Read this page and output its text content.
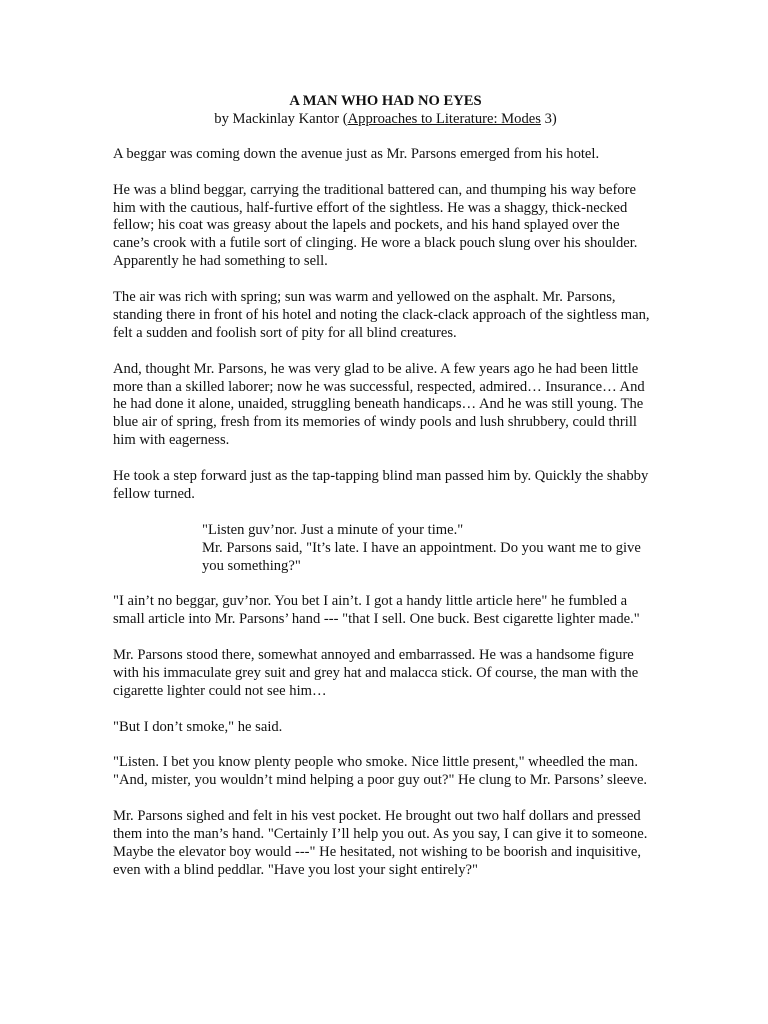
A MAN WHO HAD NO EYES
by Mackinlay Kantor (Approaches to Literature: Modes 3)

A beggar was coming down the avenue just as Mr. Parsons emerged from his hotel.

He was a blind beggar, carrying the traditional battered can, and thumping his way before him with the cautious, half-furtive effort of the sightless. He was a shaggy, thick-necked fellow; his coat was greasy about the lapels and pockets, and his hand splayed over the cane’s crook with a futile sort of clinging. He wore a black pouch slung over his shoulder. Apparently he had something to sell.

The air was rich with spring; sun was warm and yellowed on the asphalt. Mr. Parsons, standing there in front of his hotel and noting the clack-clack approach of the sightless man, felt a sudden and foolish sort of pity for all blind creatures.

And, thought Mr. Parsons, he was very glad to be alive. A few years ago he had been little more than a skilled laborer; now he was successful, respected, admired… Insurance… And he had done it alone, unaided, struggling beneath handicaps… And he was still young. The blue air of spring, fresh from its memories of windy pools and lush shrubbery, could thrill him with eagerness.

He took a step forward just as the tap-tapping blind man passed him by. Quickly the shabby fellow turned.

"Listen guv’nor. Just a minute of your time."

Mr. Parsons said, "It’s late. I have an appointment. Do you want me to give you something?"

"I ain’t no beggar, guv’nor. You bet I ain’t. I got a handy little article here" he fumbled a small article into Mr. Parsons’ hand --- "that I sell. One buck. Best cigarette lighter made."

Mr. Parsons stood there, somewhat annoyed and embarrassed. He was a handsome figure with his immaculate grey suit and grey hat and malacca stick. Of course, the man with the cigarette lighter could not see him…

"But I don’t smoke," he said.

"Listen. I bet you know plenty people who smoke. Nice little present," wheedled the man. "And, mister, you wouldn’t mind helping a poor guy out?" He clung to Mr. Parsons’ sleeve.

Mr. Parsons sighed and felt in his vest pocket. He brought out two half dollars and pressed them into the man’s hand. "Certainly I’ll help you out. As you say, I can give it to someone. Maybe the elevator boy would ---" He hesitated, not wishing to be boorish and inquisitive, even with a blind peddlar. "Have you lost your sight entirely?"
